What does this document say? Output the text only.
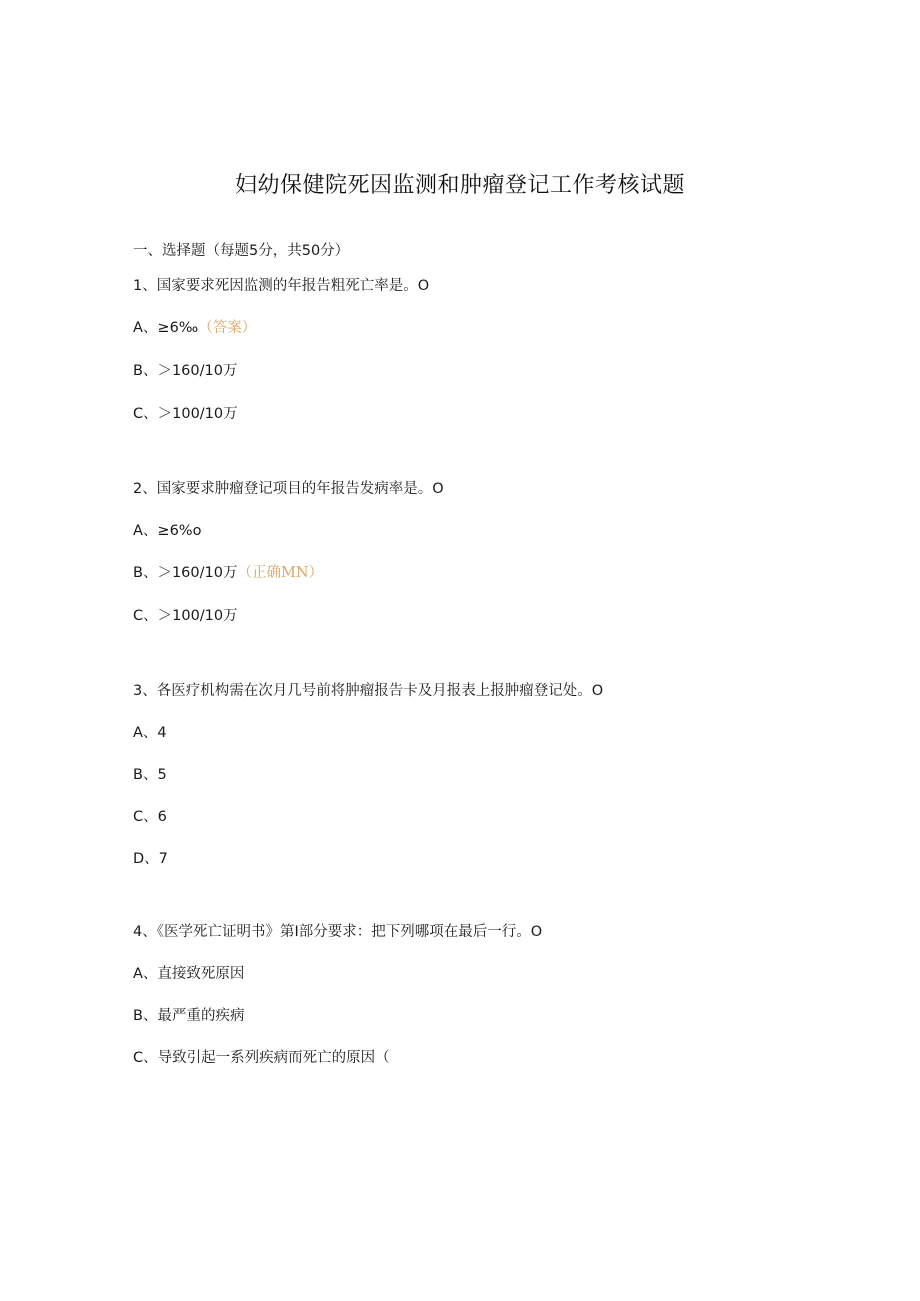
妇幼保健院死因监测和肿瘤登记工作考核试题
一、选择题（每题5分，共50分）
1、国家要求死因监测的年报告粗死亡率是。O
A、≥6‰（答案）
B、＞160/10万
C、＞100/10万
2、国家要求肿瘤登记项目的年报告发病率是。O
A、≥6%o
B、＞160/10万（正确MN）
C、＞100/10万
3、各医疗机构需在次月几号前将肿瘤报告卡及月报表上报肿瘤登记处。O
A、4
B、5
C、6
D、7
4、《医学死亡证明书》第I部分要求：把下列哪项在最后一行。O
A、直接致死原因
B、最严重的疾病
C、导致引起一系列疾病而死亡的原因（
